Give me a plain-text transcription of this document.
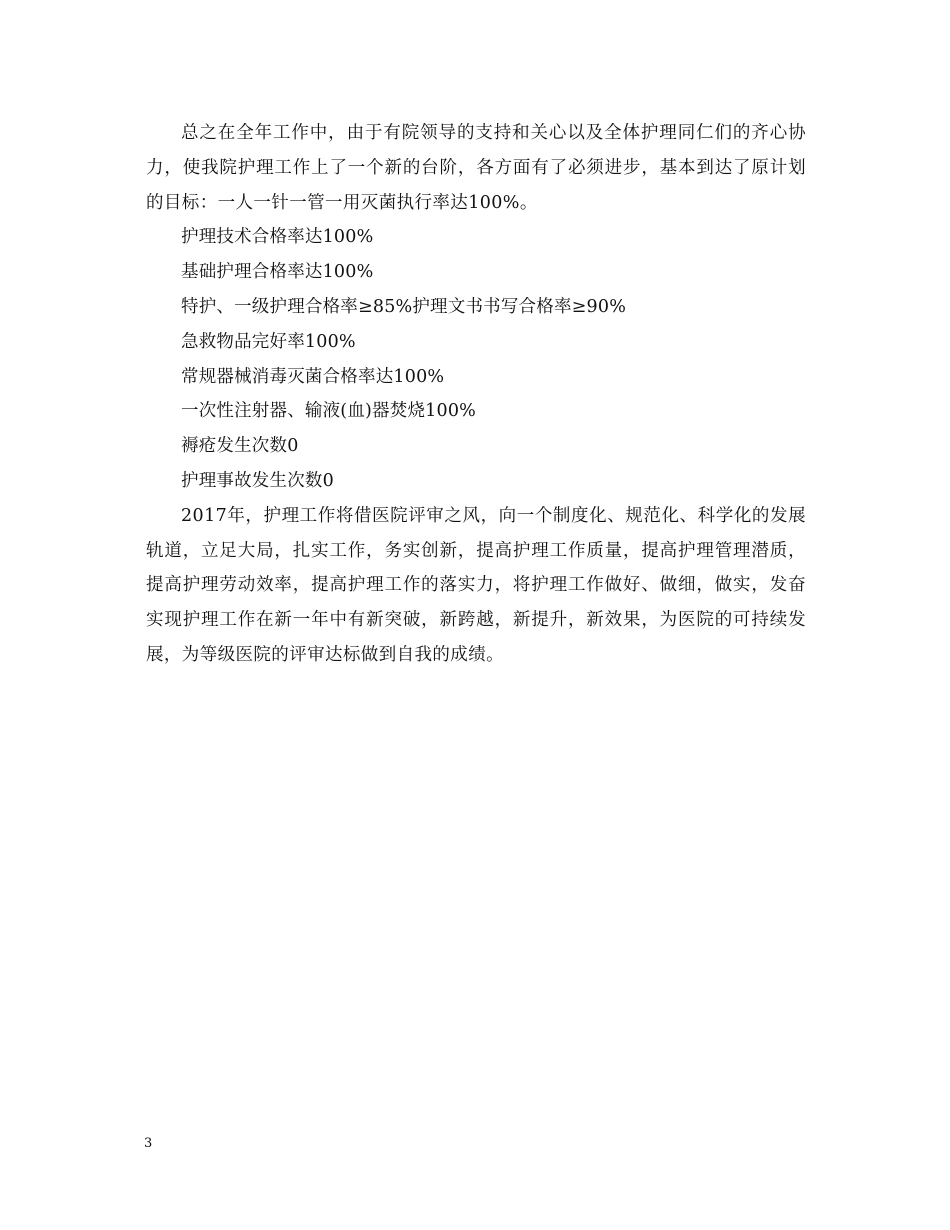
总之在全年工作中，由于有院领导的支持和关心以及全体护理同仁们的齐心协力，使我院护理工作上了一个新的台阶，各方面有了必须进步，基本到达了原计划的目标：一人一针一管一用灭菌执行率达100%。

护理技术合格率达100%

基础护理合格率达100%

特护、一级护理合格率≥85%护理文书书写合格率≥90%

急救物品完好率100%

常规器械消毒灭菌合格率达100%

一次性注射器、输液(血)器焚烧100%

褥疮发生次数0

护理事故发生次数0

2017年，护理工作将借医院评审之风，向一个制度化、规范化、科学化的发展轨道，立足大局，扎实工作，务实创新，提高护理工作质量，提高护理管理潜质，提高护理劳动效率，提高护理工作的落实力，将护理工作做好、做细，做实，发奋实现护理工作在新一年中有新突破，新跨越，新提升，新效果，为医院的可持续发展，为等级医院的评审达标做到自我的成绩。

3
